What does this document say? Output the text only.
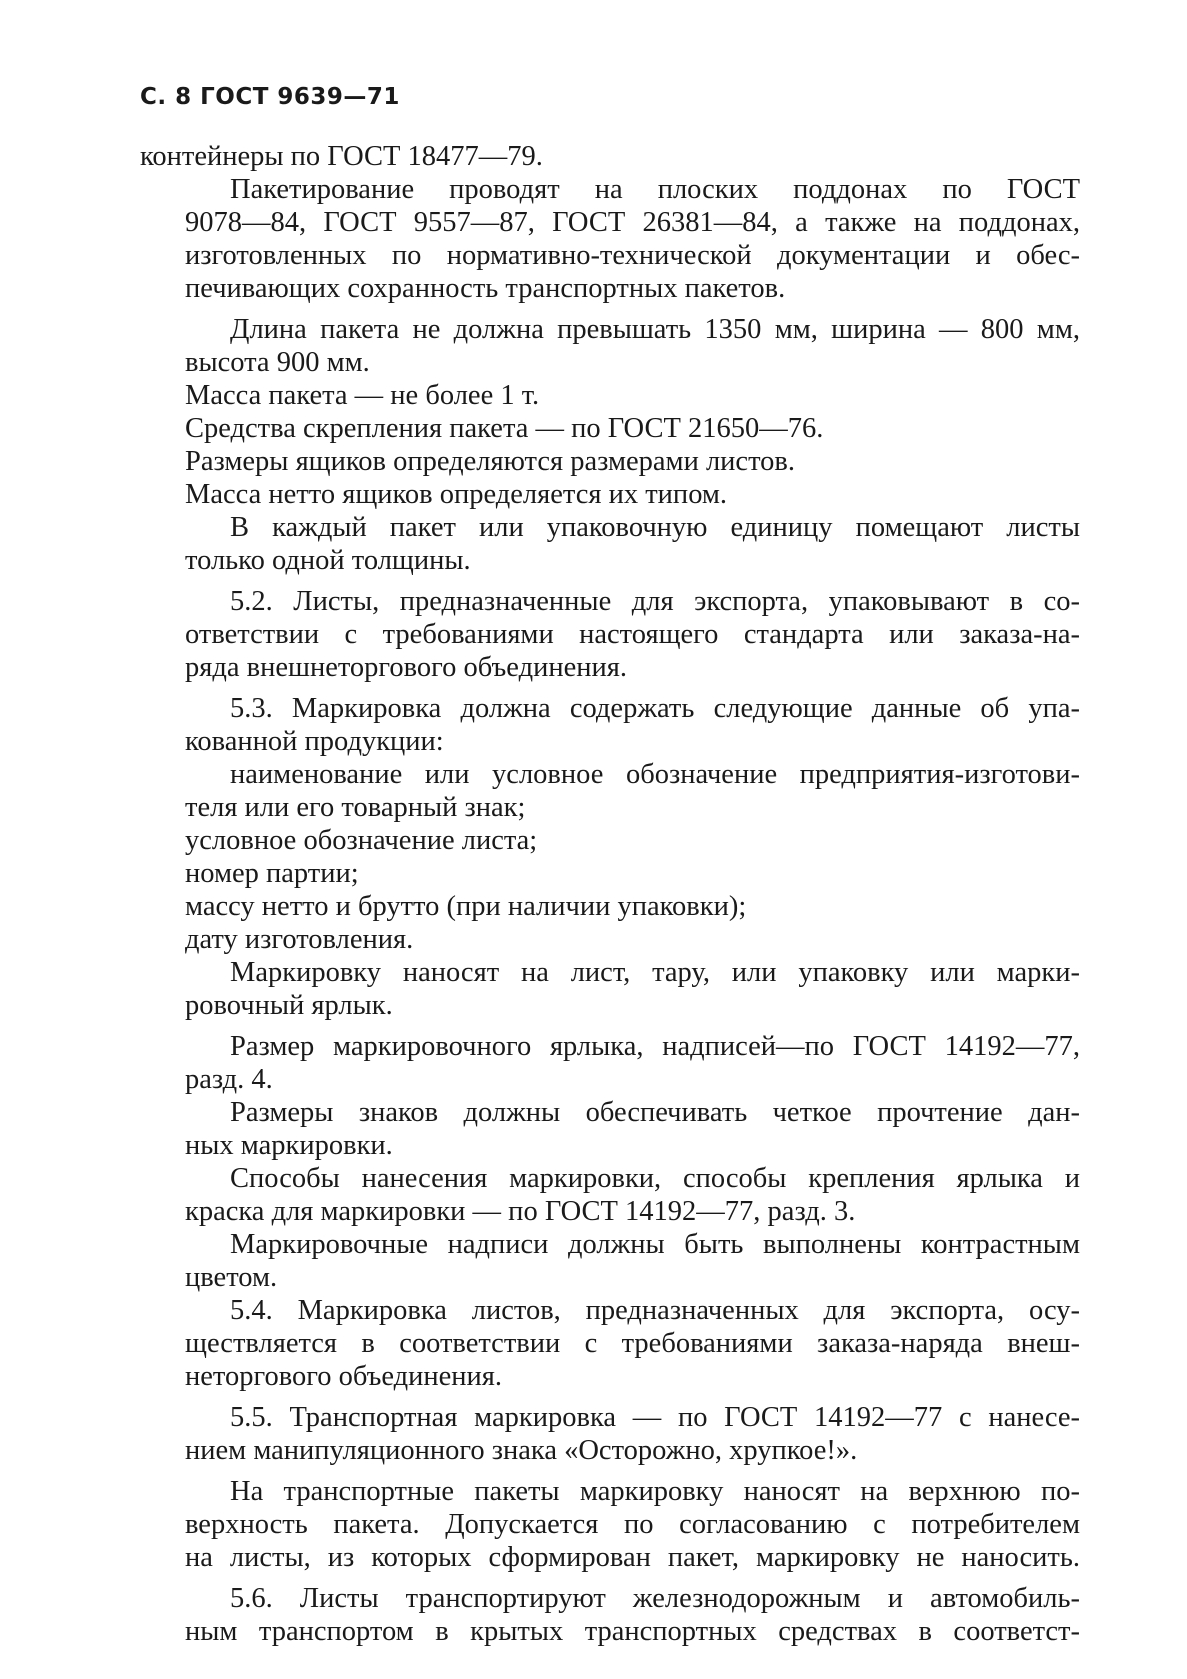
С. 8 ГОСТ 9639—71
контейнеры по ГОСТ 18477—79.
Пакетирование проводят на плоских поддонах по ГОСТ
9078—84, ГОСТ 9557—87, ГОСТ 26381—84, а также на поддонах,
изготовленных по нормативно-технической документации и обес-
печивающих сохранность транспортных пакетов.
Длина пакета не должна превышать 1350 мм, ширина — 800 мм,
высота 900 мм.
Масса пакета — не более 1 т.
Средства скрепления пакета — по ГОСТ 21650—76.
Размеры ящиков определяются размерами листов.
Масса нетто ящиков определяется их типом.
В каждый пакет или упаковочную единицу помещают листы
только одной толщины.
5.2. Листы, предназначенные для экспорта, упаковывают в со-
ответствии с требованиями настоящего стандарта или заказа-на-
ряда внешнеторгового объединения.
5.3. Маркировка должна содержать следующие данные об упа-
кованной продукции:
наименование или условное обозначение предприятия-изготови-
теля или его товарный знак;
условное обозначение листа;
номер партии;
массу нетто и брутто (при наличии упаковки);
дату изготовления.
Маркировку наносят на лист, тару, или упаковку или марки-
ровочный ярлык.
Размер маркировочного ярлыка, надписей—по ГОСТ 14192—77,
разд. 4.
Размеры знаков должны обеспечивать четкое прочтение дан-
ных маркировки.
Способы нанесения маркировки, способы крепления ярлыка и
краска для маркировки — по ГОСТ 14192—77, разд. 3.
Маркировочные надписи должны быть выполнены контрастным
цветом.
5.4. Маркировка листов, предназначенных для экспорта, осу-
ществляется в соответствии с требованиями заказа-наряда внеш-
неторгового объединения.
5.5. Транспортная маркировка — по ГОСТ 14192—77 с нанесе-
нием манипуляционного знака «Осторожно, хрупкое!».
На транспортные пакеты маркировку наносят на верхнюю по-
верхность пакета. Допускается по согласованию с потребителем
на листы, из которых сформирован пакет, маркировку не наносить.
5.6. Листы транспортируют железнодорожным и автомобиль-
ным транспортом в крытых транспортных средствах в соответст-
